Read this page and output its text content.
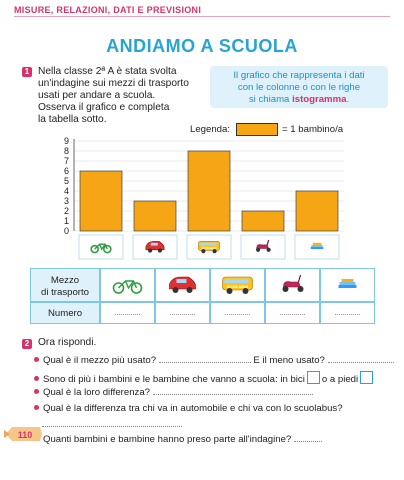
MISURE, RELAZIONI, DATI E PREVISIONI
ANDIAMO A SCUOLA
1 Nella classe 2ª A è stata svolta
un'indagine sui mezzi di trasporto
usati per andare a scuola.
Osserva il grafico e completa
la tabella sotto.
Il grafico che rappresenta i dati
con le colonne o con le righe
si chiama istogramma.
Legenda:	= 1 bambino/a
0
1
2
3
4
5
6
7
8
9
SCUOLABUS
Mezzo
di trasporto
Numero
SCUOLABUS
2 Ora rispondi.
Qual è il mezzo più usato?	E il meno usato?
Sono di più i bambini e le bambine che vanno a scuola: in bici o a piedi
Qual è la loro differenza?
Qual è la differenza tra chi va in automobile e chi va con lo scuolabus?
Quanti bambini e bambine hanno preso parte all'indagine?
110
